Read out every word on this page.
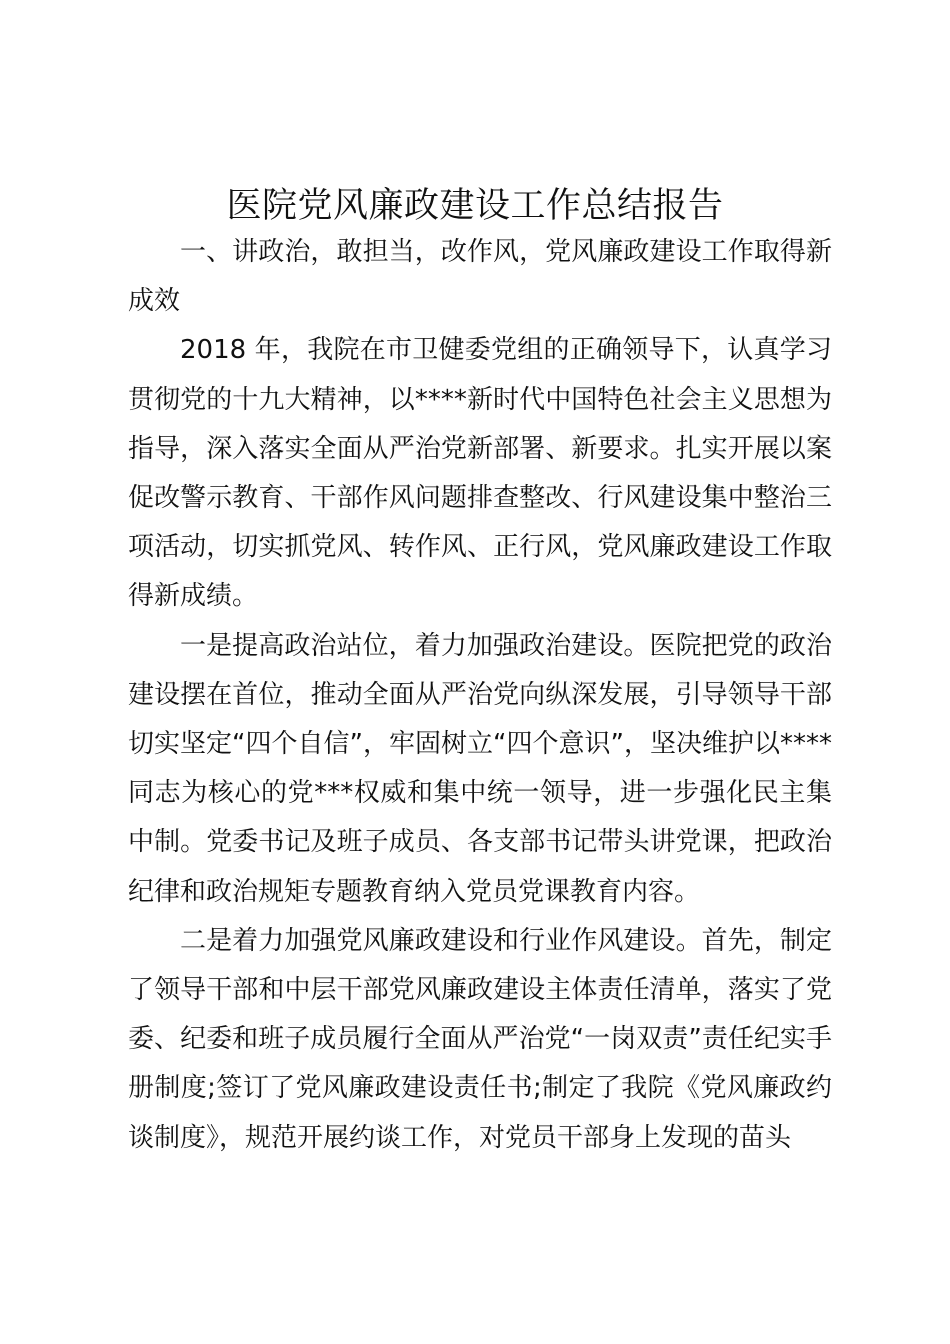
医院党风廉政建设工作总结报告

一、讲政治，敢担当，改作风，党风廉政建设工作取得新成效

2018 年，我院在市卫健委党组的正确领导下，认真学习贯彻党的十九大精神，以****新时代中国特色社会主义思想为指导，深入落实全面从严治党新部署、新要求。扎实开展以案促改警示教育、干部作风问题排查整改、行风建设集中整治三项活动，切实抓党风、转作风、正行风，党风廉政建设工作取得新成绩。

一是提高政治站位，着力加强政治建设。医院把党的政治建设摆在首位，推动全面从严治党向纵深发展，引导领导干部切实坚定“四个自信”，牢固树立“四个意识”，坚决维护以****同志为核心的党***权威和集中统一领导，进一步强化民主集中制。党委书记及班子成员、各支部书记带头讲党课，把政治纪律和政治规矩专题教育纳入党员党课教育内容。

二是着力加强党风廉政建设和行业作风建设。首先，制定了领导干部和中层干部党风廉政建设主体责任清单，落实了党委、纪委和班子成员履行全面从严治党“一岗双责”责任纪实手册制度;签订了党风廉政建设责任书;制定了我院《党风廉政约谈制度》，规范开展约谈工作，对党员干部身上发现的苗头
